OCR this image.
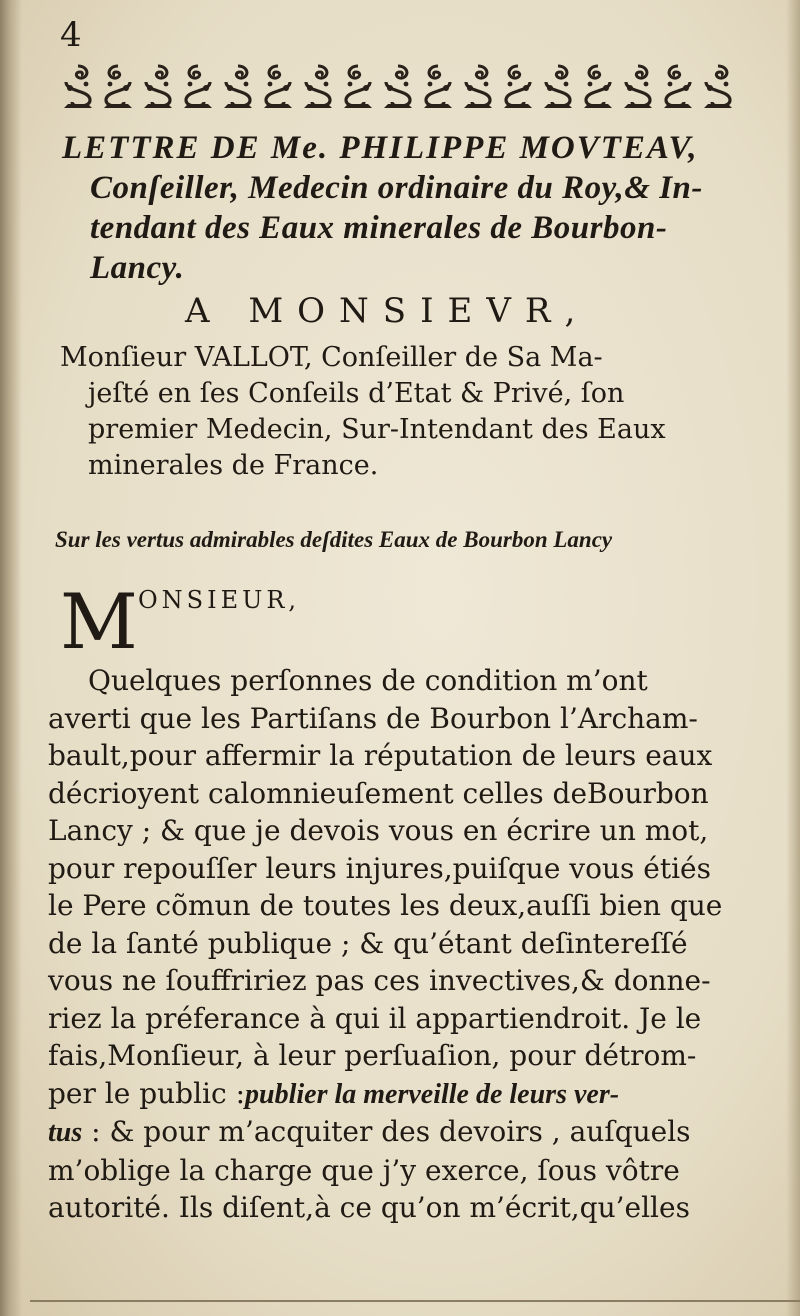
4
LETTRE DE Me. PHILIPPE MOVTEAV,
Conſeiller, Medecin ordinaire du Roy,& In-
tendant des Eaux minerales de Bourbon-
Lancy.
A MONSIEVR,
Monſieur VALLOT, Conſeiller de Sa Ma-
jeſté en ſes Conſeils d’Etat & Privé, ſon
premier Medecin, Sur-Intendant des Eaux
minerales de France.
Sur les vertus admirables deſdites Eaux de Bourbon Lancy
M ONSIEUR,
Quelques perſonnes de condition m’ont
averti que les Partiſans de Bourbon l’Archam-
bault,pour affermir la réputation de leurs eaux
décrioyent calomnieuſement celles deBourbon
Lancy ; & que je devois vous en écrire un mot,
pour repouſſer leurs injures,puiſque vous étiés
le Pere cõmun de toutes les deux,auſſi bien que
de la ſanté publique ; & qu’étant deſintereſſé
vous ne ſouffririez pas ces invectives,& donne-
riez la préferance à qui il appartiendroit. Je le
fais,Monſieur, à leur perſuaſion, pour détrom-
per le public :publier la merveille de leurs ver-
tus : & pour m’acquiter des devoirs , auſquels
m’oblige la charge que j’y exerce, ſous vôtre
autorité. Ils diſent,à ce qu’on m’écrit,qu’elles
